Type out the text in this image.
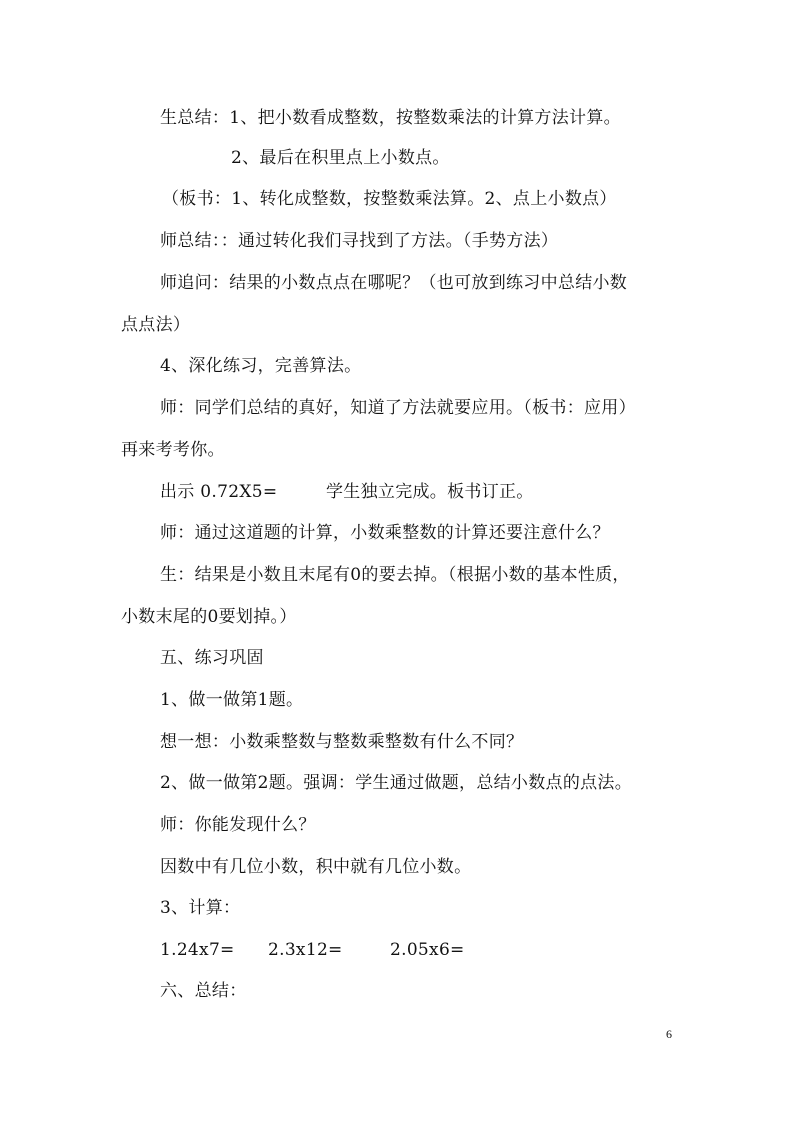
生总结：1、把小数看成整数，按整数乘法的计算方法计算。
2、最后在积里点上小数点。
（板书：1、转化成整数，按整数乘法算。2、点上小数点）
师总结：：通过转化我们寻找到了方法。（手势方法）
师追问：结果的小数点点在哪呢？（也可放到练习中总结小数
点点法）
4、深化练习，完善算法。
师：同学们总结的真好，知道了方法就要应用。（板书：应用）
再来考考你。
出示 0.72X5=	学生独立完成。板书订正。
师：通过这道题的计算，小数乘整数的计算还要注意什么？
生：结果是小数且末尾有0的要去掉。（根据小数的基本性质，
小数末尾的0要划掉。）
五、练习巩固
1、做一做第1题。
想一想：小数乘整数与整数乘整数有什么不同？
2、做一做第2题。强调：学生通过做题，总结小数点的点法。
师：你能发现什么？
因数中有几位小数，积中就有几位小数。
3、计算：
1.24x7= 2.3x12=	2.05x6=
六、总结：
6
